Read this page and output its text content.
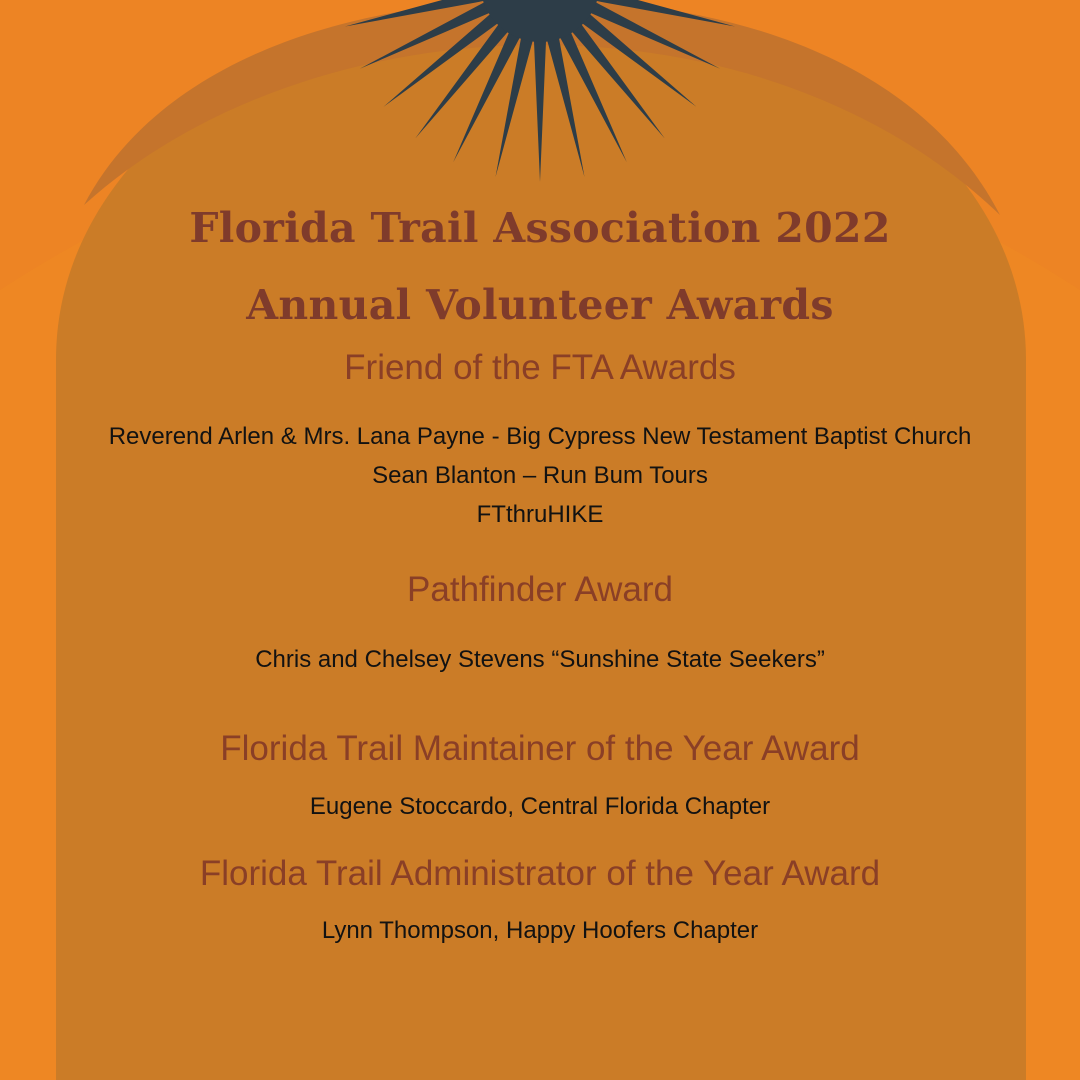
Florida Trail Association 2022
Annual Volunteer Awards
Friend of the FTA Awards

Reverend Arlen & Mrs. Lana Payne - Big Cypress New Testament Baptist Church

Sean Blanton – Run Bum Tours

FTthruHIKE

Pathfinder Award

Chris and Chelsey Stevens “Sunshine State Seekers”

Florida Trail Maintainer of the Year Award

Eugene Stoccardo, Central Florida Chapter

Florida Trail Administrator of the Year Award

Lynn Thompson, Happy Hoofers Chapter
